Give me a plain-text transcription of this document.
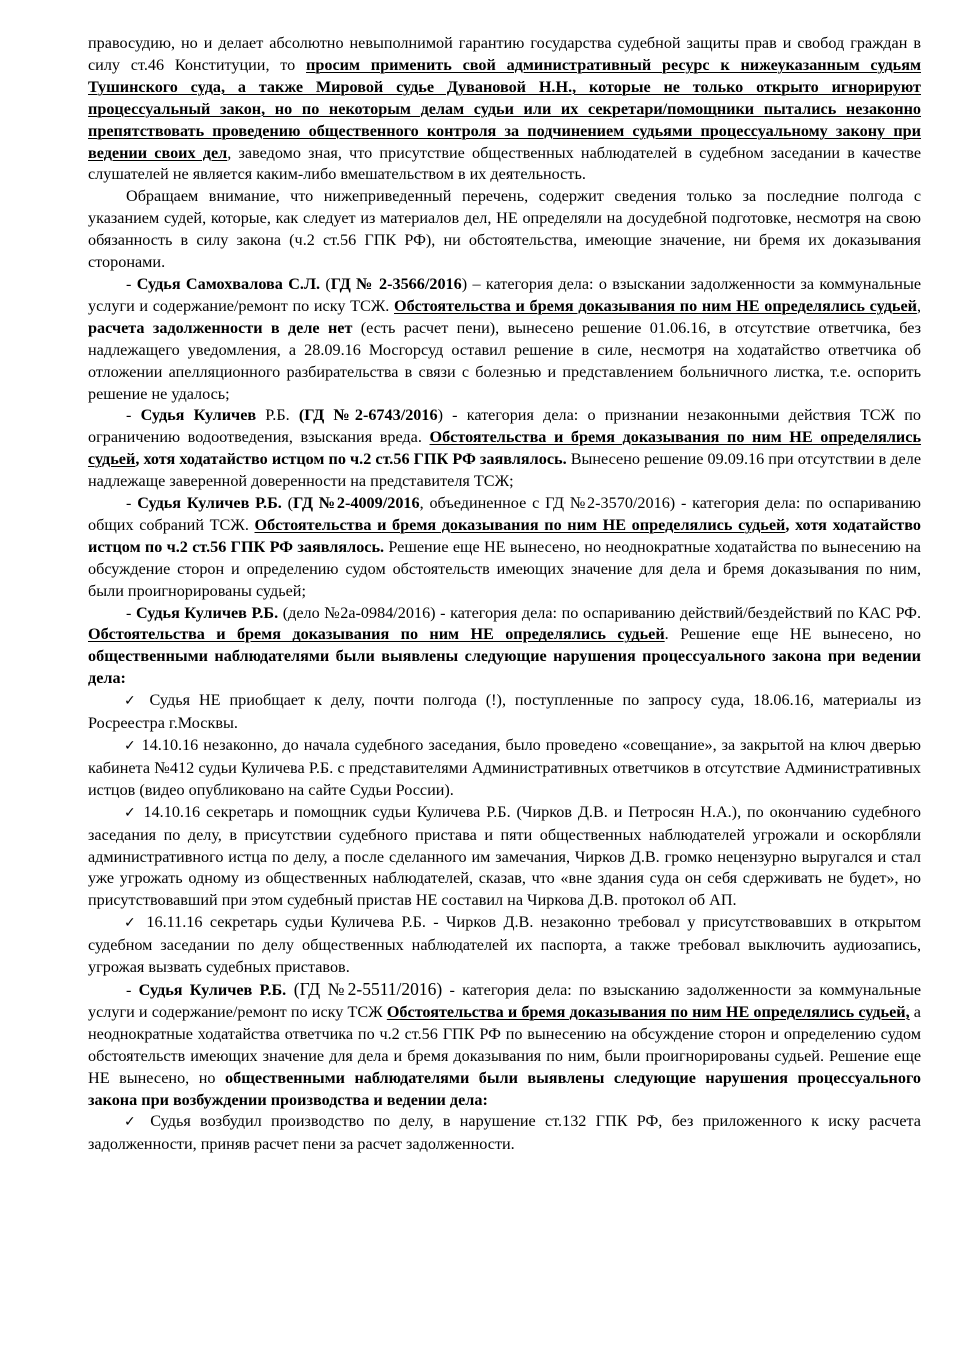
правосудию, но и делает абсолютно невыполнимой гарантию государства судебной защиты прав и свобод граждан в силу ст.46 Конституции, то просим применить свой административный ресурс к нижеуказанным судьям Тушинского суда, а также Мировой судье Дувановой Н.Н., которые не только открыто игнорируют процессуальный закон, но по некоторым делам судьи или их секретари/помощники пытались незаконно препятствовать проведению общественного контроля за подчинением судьями процессуальному закону при ведении своих дел, заведомо зная, что присутствие общественных наблюдателей в судебном заседании в качестве слушателей не является каким-либо вмешательством в их деятельность.

Обращаем внимание, что нижеприведенный перечень, содержит сведения только за последние полгода с указанием судей, которые, как следует из материалов дел, НЕ определяли на досудебной подготовке, несмотря на свою обязанность в силу закона (ч.2 ст.56 ГПК РФ), ни обстоятельства, имеющие значение, ни бремя их доказывания сторонами.

- Судья Самохвалова С.Л. (ГД № 2-3566/2016) – категория дела: о взыскании задолженности за коммунальные услуги и содержание/ремонт по иску ТСЖ. Обстоятельства и бремя доказывания по ним НЕ определялись судьей, расчета задолженности в деле нет (есть расчет пени), вынесено решение 01.06.16, в отсутствие ответчика, без надлежащего уведомления, а 28.09.16 Мосгорсуд оставил решение в силе, несмотря на ходатайство ответчика об отложении апелляционного разбирательства в связи с болезнью и представлением больничного листка, т.е. оспорить решение не удалось;

- Судья Куличев Р.Б. (ГД №2-6743/2016) - категория дела: о признании незаконными действия ТСЖ по ограничению водоотведения, взыскания вреда. Обстоятельства и бремя доказывания по ним НЕ определялись судьей, хотя ходатайство истцом по ч.2 ст.56 ГПК РФ заявлялось. Вынесено решение 09.09.16 при отсутствии в деле надлежаще заверенной доверенности на представителя ТСЖ;

- Судья Куличев Р.Б. (ГД №2-4009/2016, объединенное с ГД №2-3570/2016) - категория дела: по оспариванию общих собраний ТСЖ. Обстоятельства и бремя доказывания по ним НЕ определялись судьей, хотя ходатайство истцом по ч.2 ст.56 ГПК РФ заявлялось. Решение еще НЕ вынесено, но неоднократные ходатайства по вынесению на обсуждение сторон и определению судом обстоятельств имеющих значение для дела и бремя доказывания по ним, были проигнорированы судьей;

- Судья Куличев Р.Б. (дело №2а-0984/2016) - категория дела: по оспариванию действий/бездействий по КАС РФ. Обстоятельства и бремя доказывания по ним НЕ определялись судьей. Решение еще НЕ вынесено, но общественными наблюдателями были выявлены следующие нарушения процессуального закона при ведении дела:

✓ Судья НЕ приобщает к делу, почти полгода (!), поступленные по запросу суда, 18.06.16, материалы из Росреестра г.Москвы.

✓ 14.10.16 незаконно, до начала судебного заседания, было проведено «совещание», за закрытой на ключ дверью кабинета №412 судьи Куличева Р.Б. с представителями Административных ответчиков в отсутствие Административных истцов (видео опубликовано на сайте Судьи России).

✓ 14.10.16 секретарь и помощник судьи Куличева Р.Б. (Чирков Д.В. и Петросян Н.А.), по окончанию судебного заседания по делу, в присутствии судебного пристава и пяти общественных наблюдателей угрожали и оскорбляли административного истца по делу, а после сделанного им замечания, Чирков Д.В. громко нецензурно выругался и стал уже угрожать одному из общественных наблюдателей, сказав, что «вне здания суда он себя сдерживать не будет», но присутствовавший при этом судебный пристав НЕ составил на Чиркова Д.В. протокол об АП.

✓ 16.11.16 секретарь судьи Куличева Р.Б. - Чирков Д.В. незаконно требовал у присутствовавших в открытом судебном заседании по делу общественных наблюдателей их паспорта, а также требовал выключить аудиозапись, угрожая вызвать судебных приставов.

- Судья Куличев Р.Б. (ГД №2-5511/2016) - категория дела: по взысканию задолженности за коммунальные услуги и содержание/ремонт по иску ТСЖ Обстоятельства и бремя доказывания по ним НЕ определялись судьей, а неоднократные ходатайства ответчика по ч.2 ст.56 ГПК РФ по вынесению на обсуждение сторон и определению судом обстоятельств имеющих значение для дела и бремя доказывания по ним, были проигнорированы судьей. Решение еще НЕ вынесено, но общественными наблюдателями были выявлены следующие нарушения процессуального закона при возбуждении производства и ведении дела:

✓ Судья возбудил производство по делу, в нарушение ст.132 ГПК РФ, без приложенного к иску расчета задолженности, приняв расчет пени за расчет задолженности.
